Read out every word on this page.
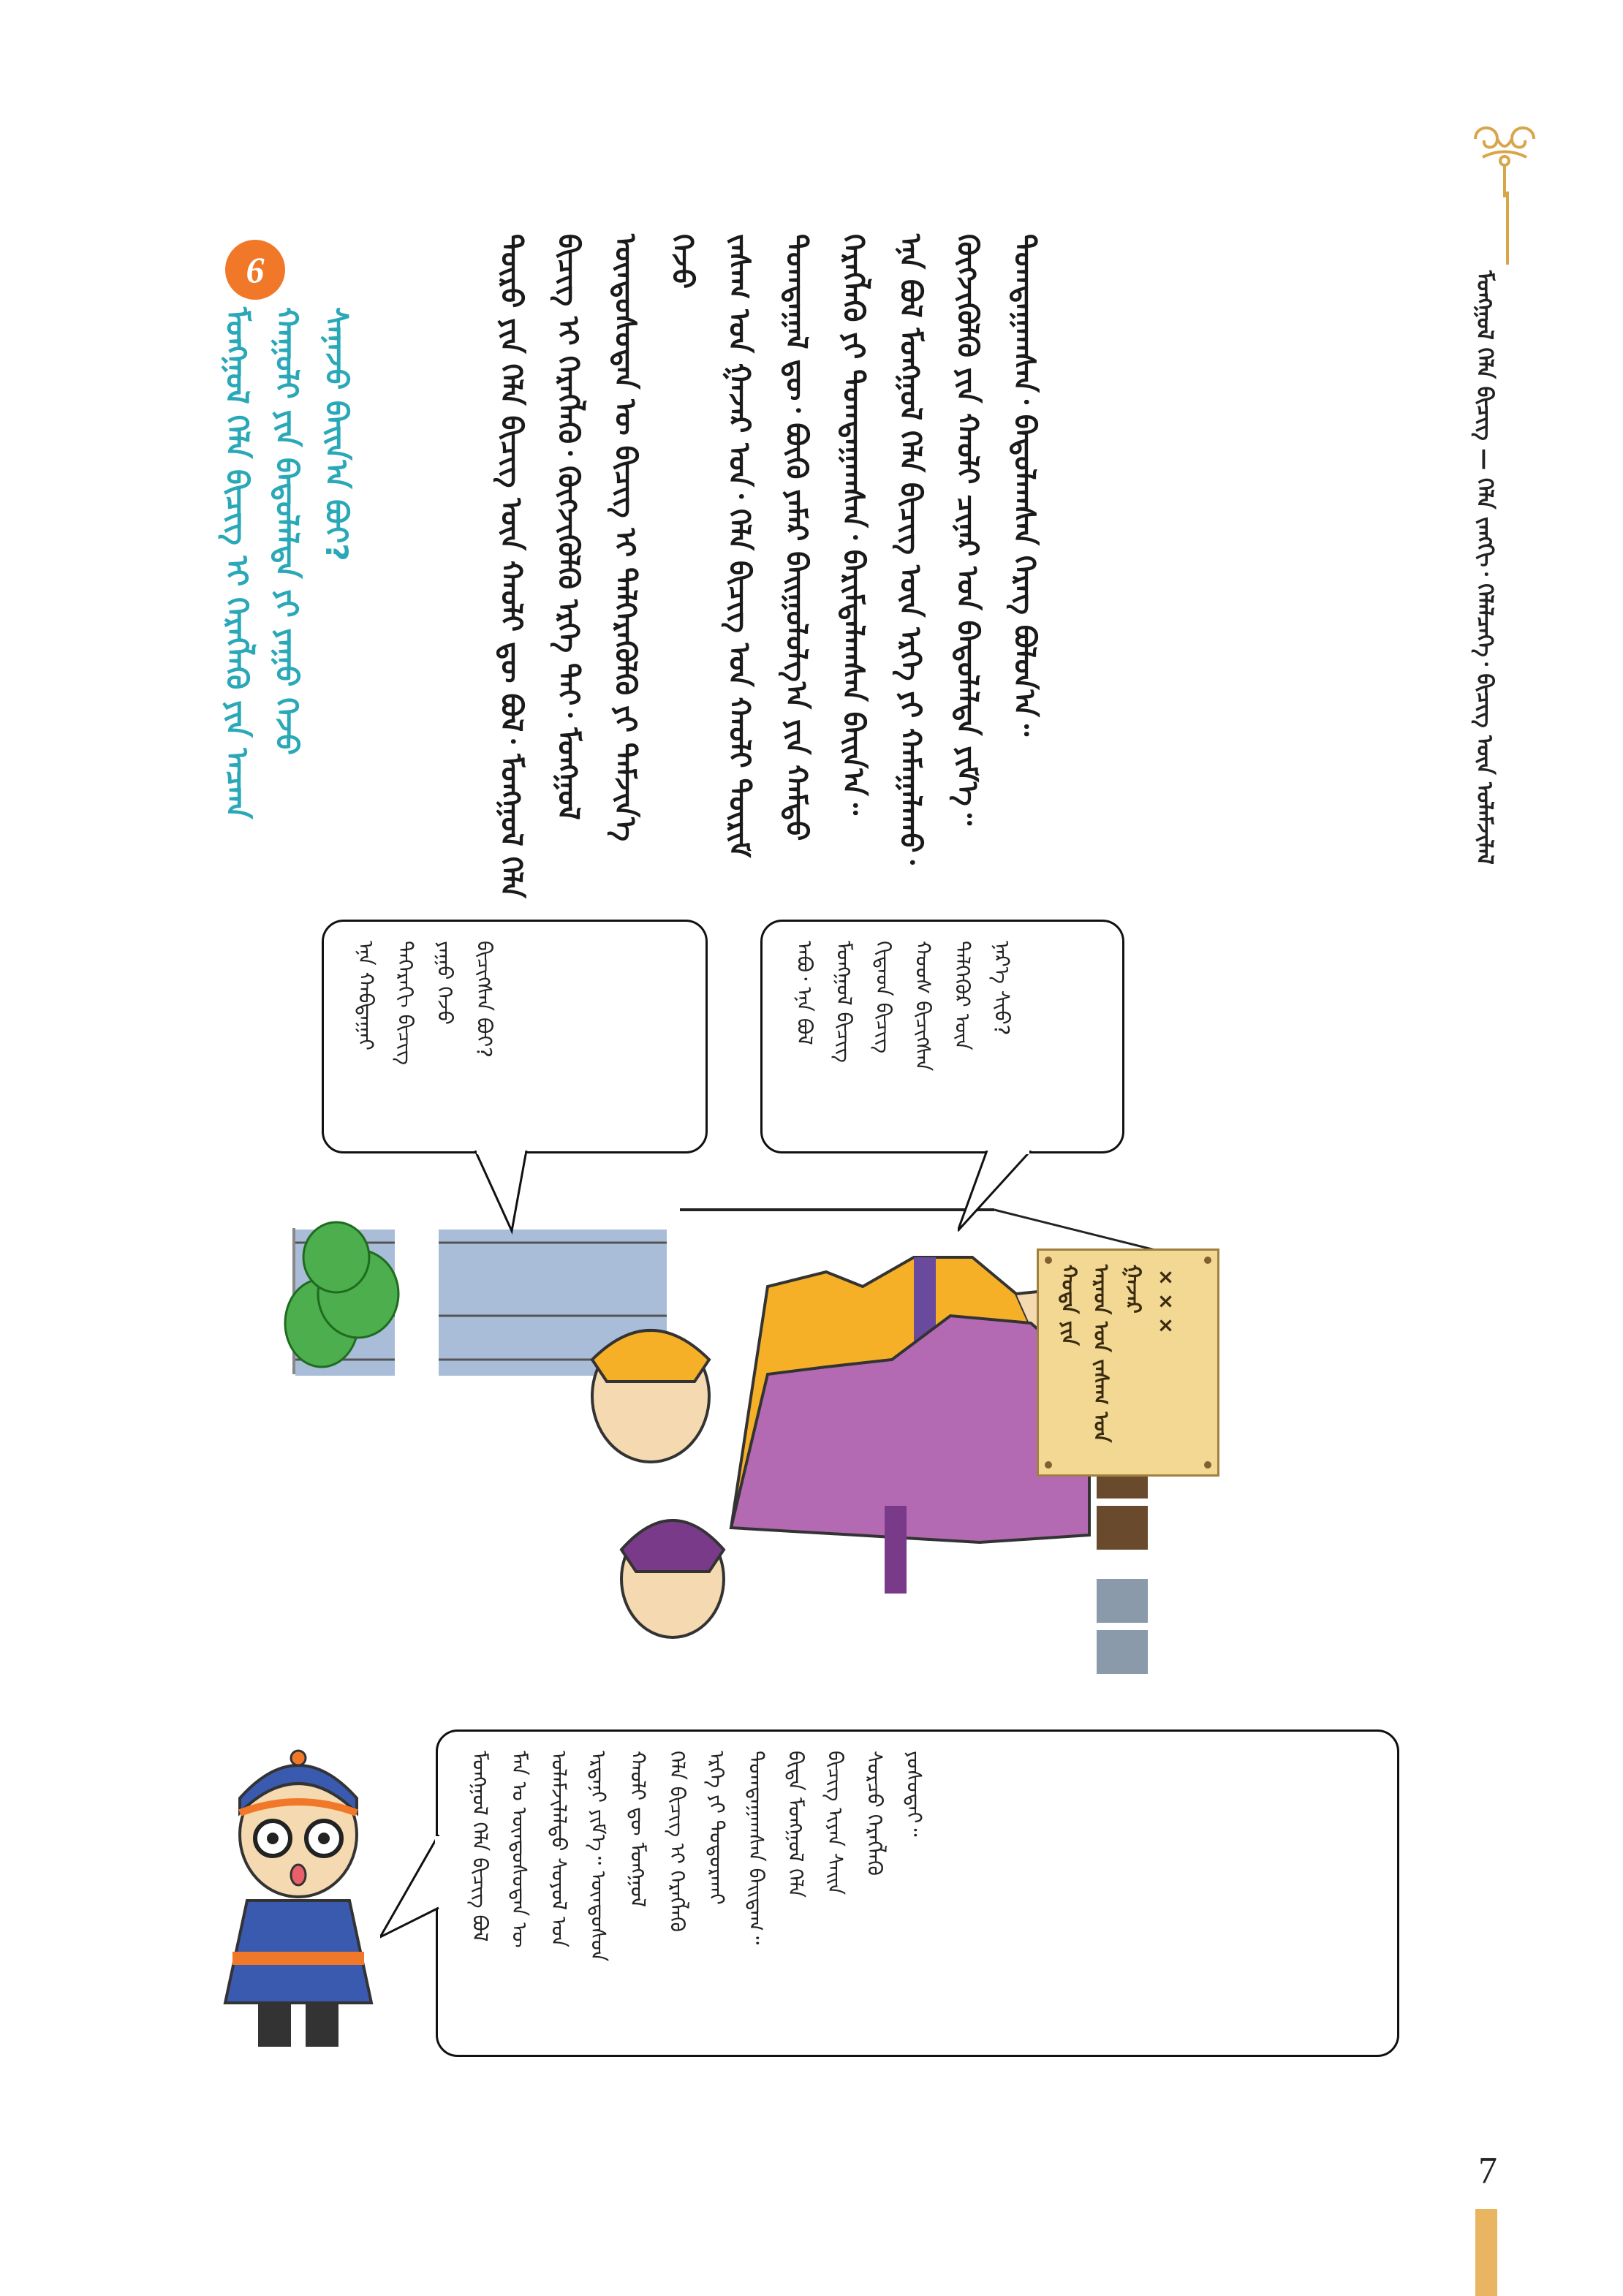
ᠮᠣᠩᠭᠣᠯ ᠬᠡᠯᠡ ᠪᠢᠴᠢᠭ — ᠬᠡᠯᠡ ᠵᠠᠩᠭᠢ᠂ ᠬᠡᠯᠡᠯᠴᠡᠭᠡ᠂ ᠪᠢᠴᠢᠭ ᠦᠨ ᠤᠯᠠᠮᠵᠢᠯᠠᠯ
ᠲᠥᠷᠥ ᠶᠢᠨ ᠬᠡᠯᠡ ᠪᠢᠴᠢᠭ ᠦᠨ ᠬᠠᠤᠯᠢ ᠳᠦ ᠪᠣᠯ᠂ ᠮᠣᠩᠭᠣᠯ ᠬᠡᠯᠡ
ᠪᠢᠴᠢᠭ ᠢ ᠬᠡᠷᠡᠭᠯᠡᠬᠦ᠂ ᠬᠥᠭᠵᠢᠭᠦᠯᠬᠦ ᠡᠷᠬᠡ ᠲᠠᠢ᠂ ᠮᠣᠩᠭᠣᠯ
ᠦᠨᠳᠦᠰᠦᠲᠡᠨ ᠦ ᠪᠢᠴᠢᠭ ᠢ ᠳᠡᠯᠭᠡᠷᠡᠭᠦᠯᠬᠦ ᠶᠢ ᠳᠡᠮᠵᠢᠨ᠎ᠡ ᠭᠡᠵᠦ
ᠵᠠᠰᠠᠭ ᠤᠨ ᠭᠠᠵᠠᠷ ᠤᠨ᠂ ᠬᠡᠯᠡ ᠪᠢᠴᠢᠭ ᠤᠨ ᠬᠠᠤᠯᠢ ᠳᠦᠷᠢᠮ
ᠲᠣᠭᠲᠠᠭᠠᠯ ᠳᠦ᠂ ᠪᠦᠬᠦ ᠶᠠᠮᠠᠷ ᠪᠠᠢᠭᠤᠯᠤᠯᠭ᠎ᠠ ᠶᠢᠨ ᠬᠠᠮᠲᠤ
ᠬᠡᠷᠡᠭᠯᠡᠬᠦ ᠶᠢ ᠲᠣᠭᠲᠠᠭᠠᠭᠰᠠᠨ᠂ ᠪᠠᠷᠢᠮᠲᠠᠯᠠᠭᠰᠠᠨ ᠪᠠᠢᠨ᠎ᠠ᠃
ᠡᠨᠡ ᠪᠣᠯ ᠮᠣᠩᠭᠣᠯ ᠬᠡᠯᠡ ᠪᠢᠴᠢᠭ ᠦᠨ ᠡᠷᠬᠡ ᠶᠢ ᠬᠠᠮᠠᠭᠠᠯᠠᠬᠤ᠂
ᠬᠥᠭᠵᠢᠭᠦᠯᠬᠦ ᠶᠢᠨ ᠬᠠᠤᠯᠢ ᠴᠢᠨᠠᠷ ᠤᠨ ᠪᠠᠲᠤᠯᠠᠯᠲᠠ ᠶᠢᠮ᠎ᠡ᠃
ᠲᠣᠭᠲᠠᠭᠠᠭᠰᠠᠨ᠂ ᠪᠠᠲᠤᠯᠠᠭᠰᠠᠨ ᠬᠡᠷᠡᠭ ᠪᠣᠯᠤᠨ᠎ᠠ᠃
6
ᠮᠣᠩᠭᠣᠯ ᠬᠡᠯᠡ ᠪᠢᠴᠢᠭ ᠢ ᠬᠡᠷᠡᠭᠯᠡᠬᠦ ᠶᠢᠨ ᠠᠴᠬᠠ
ᠬᠠᠭᠤᠯᠢ ᠶᠢᠨ ᠪᠠᠲᠤᠯᠠᠯᠲᠠ ᠶᠢ ᠶᠠᠭᠤ ᠭᠡᠵᠦ
ᠰᠠᠨᠠᠵᠤ ᠪᠠᠢᠨ᠎ᠠ ᠪᠤᠢ?
ᠬᠣᠲᠠ ᠶᠢᠨ
ᠠᠷᠠᠳ ᠤᠨ ᠵᠠᠰᠠᠭ ᠤᠨ
ᠭᠠᠵᠠᠷ
×××
ᠡᠨᠡ ᠬᠠᠪᠲᠠᠭᠠᠢ
ᠳᠡᠭᠡᠷᠡᠬᠢ ᠪᠢᠴᠢᠭ
ᠶᠠᠭᠤ ᠭᠡᠵᠦ
ᠪᠢᠴᠢᠭᠰᠡᠨ ᠪᠤᠢ?
ᠠᠪᠤ᠂ ᠡᠨᠡ ᠪᠣᠯ
ᠮᠣᠩᠭᠣᠯ ᠪᠢᠴᠢᠭ
ᠬᠢᠲᠠᠳ ᠪᠢᠴᠢᠭ
ᠬᠣᠣᠰ ᠪᠢᠴᠢᠭᠰᠡᠨ
ᠳᠡᠯᠭᠡᠭᠦᠷ ᠦᠨ
ᠨᠡᠷ᠎ᠡ ᠰᠢᠦ?
ᠮᠣᠩᠭᠣᠯ ᠬᠡᠯᠡ ᠪᠢᠴᠢᠭ ᠪᠣᠯ
ᠮᠠᠨ ᠤ ᠦᠨᠳᠦᠰᠦᠲᠡᠨ ᠦ
ᠤᠯᠠᠮᠵᠢᠯᠠᠯᠲᠤ ᠰᠣᠶᠣᠯ ᠤᠨ
ᠡᠷᠳᠡᠨᠢ ᠶᠢᠮ᠎ᠡ᠃ ᠦᠨᠳᠦᠰᠦᠨ
ᠬᠠᠤᠯᠢ ᠳᠦ ᠮᠣᠩᠭᠣᠯ
ᠬᠡᠯᠡ ᠪᠢᠴᠢᠭ ᠢ ᠬᠡᠷᠡᠭᠯᠡᠬᠦ
ᠡᠷᠬᠡ ᠶᠢ ᠲᠣᠳᠤᠷᠬᠠᠢ
ᠲᠣᠭᠲᠠᠭᠠᠭᠰᠠᠨ ᠪᠠᠢᠳᠠᠭ᠃
ᠪᠢᠳᠡ ᠮᠣᠩᠭᠣᠯ ᠬᠡᠯᠡ
ᠪᠢᠴᠢᠭ ᠢᠶᠡᠨ ᠰᠠᠢᠨ
ᠰᠤᠷᠴᠤ ᠬᠡᠷᠡᠭᠯᠡᠬᠦ
ᠶᠣᠰᠤᠲᠠᠢ᠃
7
